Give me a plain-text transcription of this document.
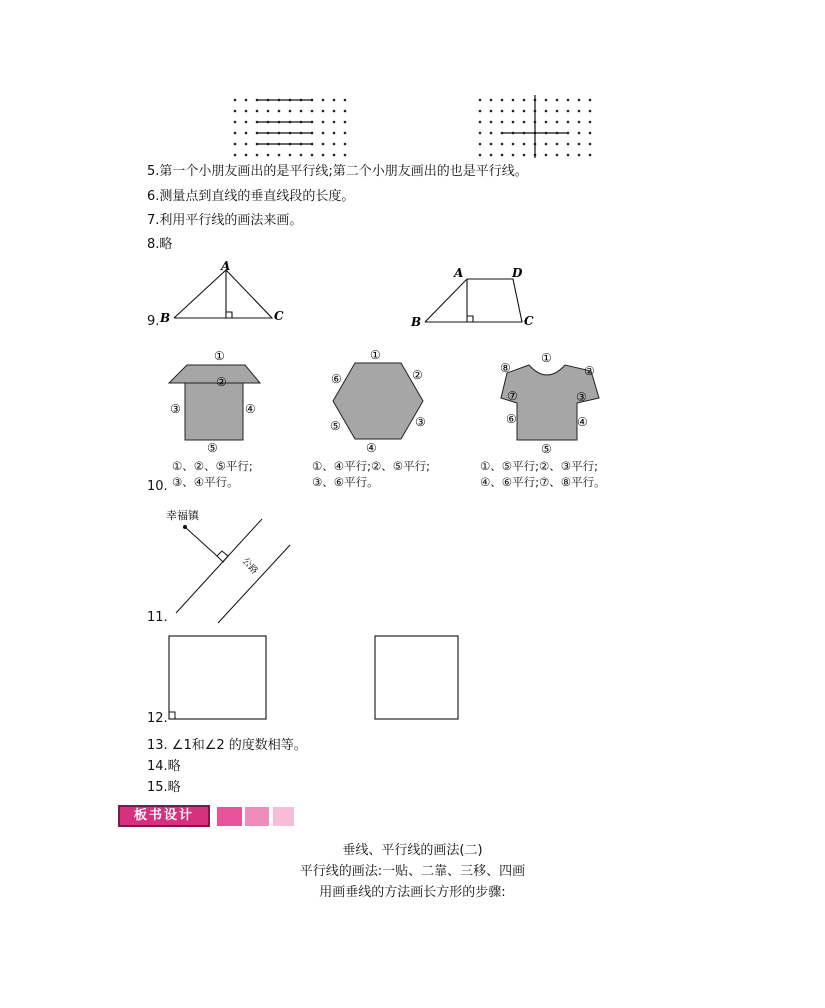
5.第一个小朋友画出的是平行线;第二个小朋友画出的也是平行线。
6.测量点到直线的垂直线段的长度。
7.利用平行线的画法来画。
8.略
9.
A
B	C
A	D
B	C
①
②
③	④
⑤
①、②、⑤平行;
③、④平行。
①
②
③
④
⑤
⑥
①、④平行;②、⑤平行;
③、⑥平行。
①
②
③
④
⑤
⑥
⑦
⑧
①、⑤平行;②、③平行;
④、⑥平行;⑦、⑧平行。
10.
幸福镇
公路
11.
12.
13. ∠1和∠2 的度数相等。
14.略
15.略
板书设计
垂线、平行线的画法(二)
平行线的画法:一贴、二靠、三移、四画
用画垂线的方法画长方形的步骤:
